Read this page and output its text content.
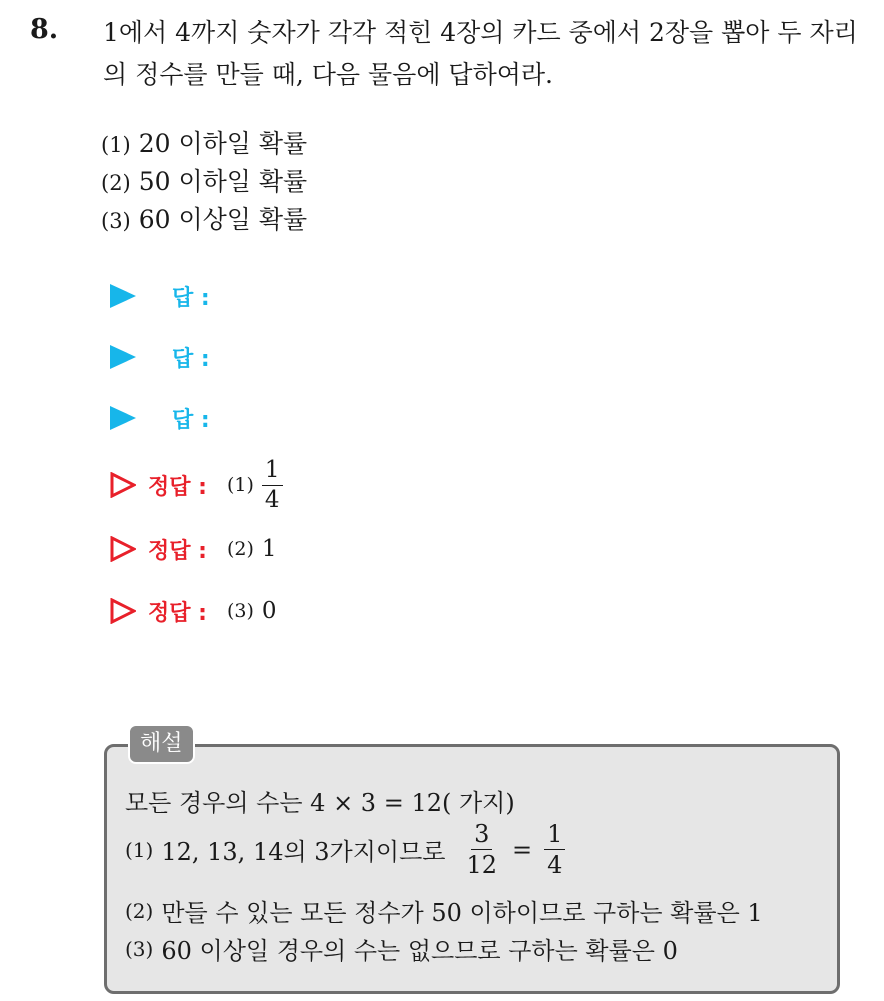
8. 1에서 4까지 숫자가 각각 적힌 4장의 카드 중에서 2장을 뽑아 두 자리의 정수를 만들 때, 다음 물음에 답하여라.
(1) 20 이하일 확률
(2) 50 이하일 확률
(3) 60 이상일 확률
답 :
답 :
답 :
정답 : $(1) \frac{1}{4}$
정답 : (2) 1
정답 : (3) 0
해설
모든 경우의 수는 4 × 3 = 12( 가지)
(1) 12, 13, 14의 3가지이므로 $\frac{3}{12} = \frac{1}{4}$
(2) 만들 수 있는 모든 정수가 50 이하이므로 구하는 확률은 1
(3) 60 이상일 경우의 수는 없으므로 구하는 확률은 0
